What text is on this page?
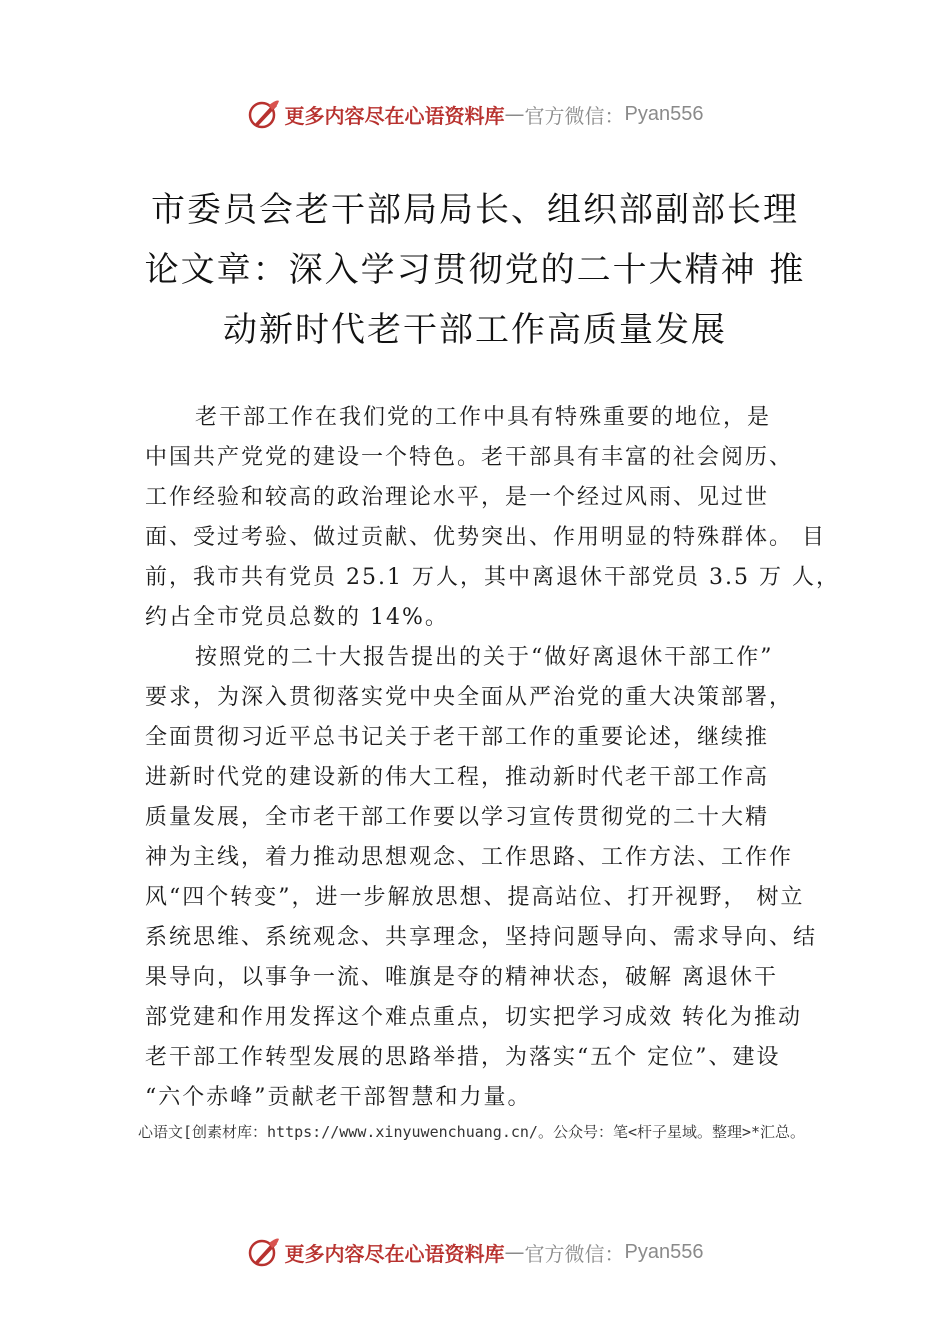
更多内容尽在心语资料库 — 官方微信： Pyan556
市委员会老干部局局长、组织部副部长理
论文章：深入学习贯彻党的二十大精神 推
动新时代老干部工作高质量发展
老干部工作在我们党的工作中具有特殊重要的地位，是
中国共产党党的建设一个特色。老干部具有丰富的社会阅历、
工作经验和较高的政治理论水平，是一个经过风雨、见过世
面、受过考验、做过贡献、优势突出、作用明显的特殊群体。 目
前，我市共有党员 25.1 万人，其中离退休干部党员 3.5 万 人，
约占全市党员总数的 14%。
按照党的二十大报告提出的关于“做好离退休干部工作”
要求，为深入贯彻落实党中央全面从严治党的重大决策部署，
全面贯彻习近平总书记关于老干部工作的重要论述，继续推
进新时代党的建设新的伟大工程，推动新时代老干部工作高
质量发展，全市老干部工作要以学习宣传贯彻党的二十大精
神为主线，着力推动思想观念、工作思路、工作方法、工作作
风“四个转变”，进一步解放思想、提高站位、打开视野， 树立
系统思维、系统观念、共享理念，坚持问题导向、需求导向、结
果导向，以事争一流、唯旗是夺的精神状态，破解 离退休干
部党建和作用发挥这个难点重点，切实把学习成效 转化为推动
老干部工作转型发展的思路举措，为落实“五个 定位”、建设
“六个赤峰”贡献老干部智慧和力量。
心语文[创素材库：https://www.xinyuwenchuang.cn/。公众号：笔<杆子星域。整理>*汇总。
更多内容尽在心语资料库 — 官方微信： Pyan556
